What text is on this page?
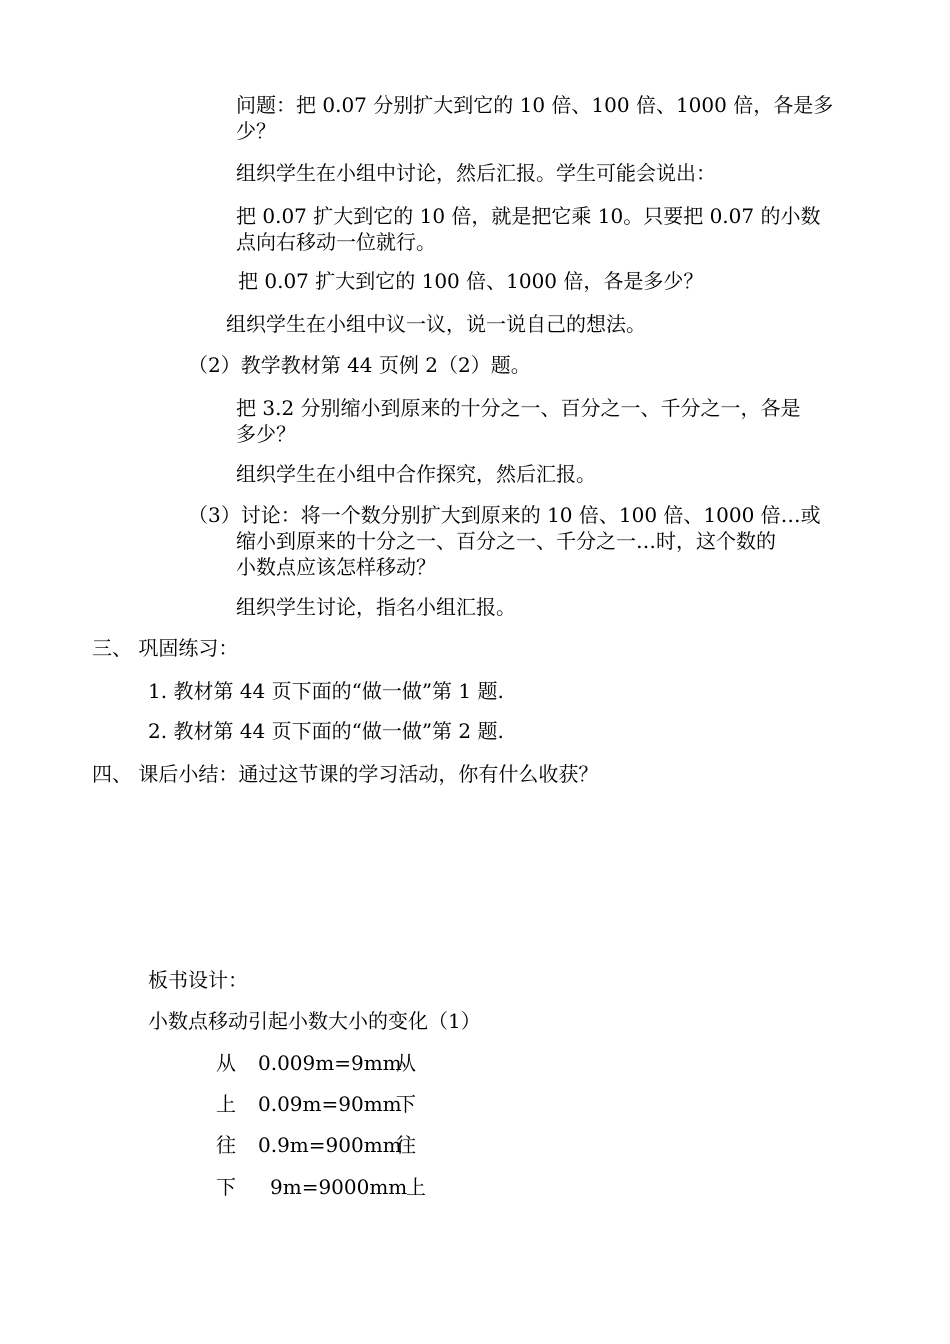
问题：把 0.07 分别扩大到它的 10 倍、100 倍、1000 倍，各是多
少？
组织学生在小组中讨论，然后汇报。学生可能会说出：
把 0.07 扩大到它的 10 倍，就是把它乘 10。只要把 0.07 的小数
点向右移动一位就行。
把 0.07 扩大到它的 100 倍、1000 倍，各是多少？
组织学生在小组中议一议，说一说自己的想法。
（2）教学教材第 44 页例 2（2）题。
把 3.2 分别缩小到原来的十分之一、百分之一、千分之一，各是
多少？
组织学生在小组中合作探究，然后汇报。
（3）讨论：将一个数分别扩大到原来的 10 倍、100 倍、1000 倍…或
缩小到原来的十分之一、百分之一、千分之一…时，这个数的
小数点应该怎样移动？
组织学生讨论，指名小组汇报。
三、 巩固练习：
1. 教材第 44 页下面的“做一做”第 1 题.
2. 教材第 44 页下面的“做一做”第 2 题.
四、 课后小结：通过这节课的学习活动，你有什么收获？
板书设计：
小数点移动引起小数大小的变化（1）
从 0.009m=9mm
从
上 0.09m=90mm
下
往 0.9m=900mm
往
下 9m=9000mm
上
